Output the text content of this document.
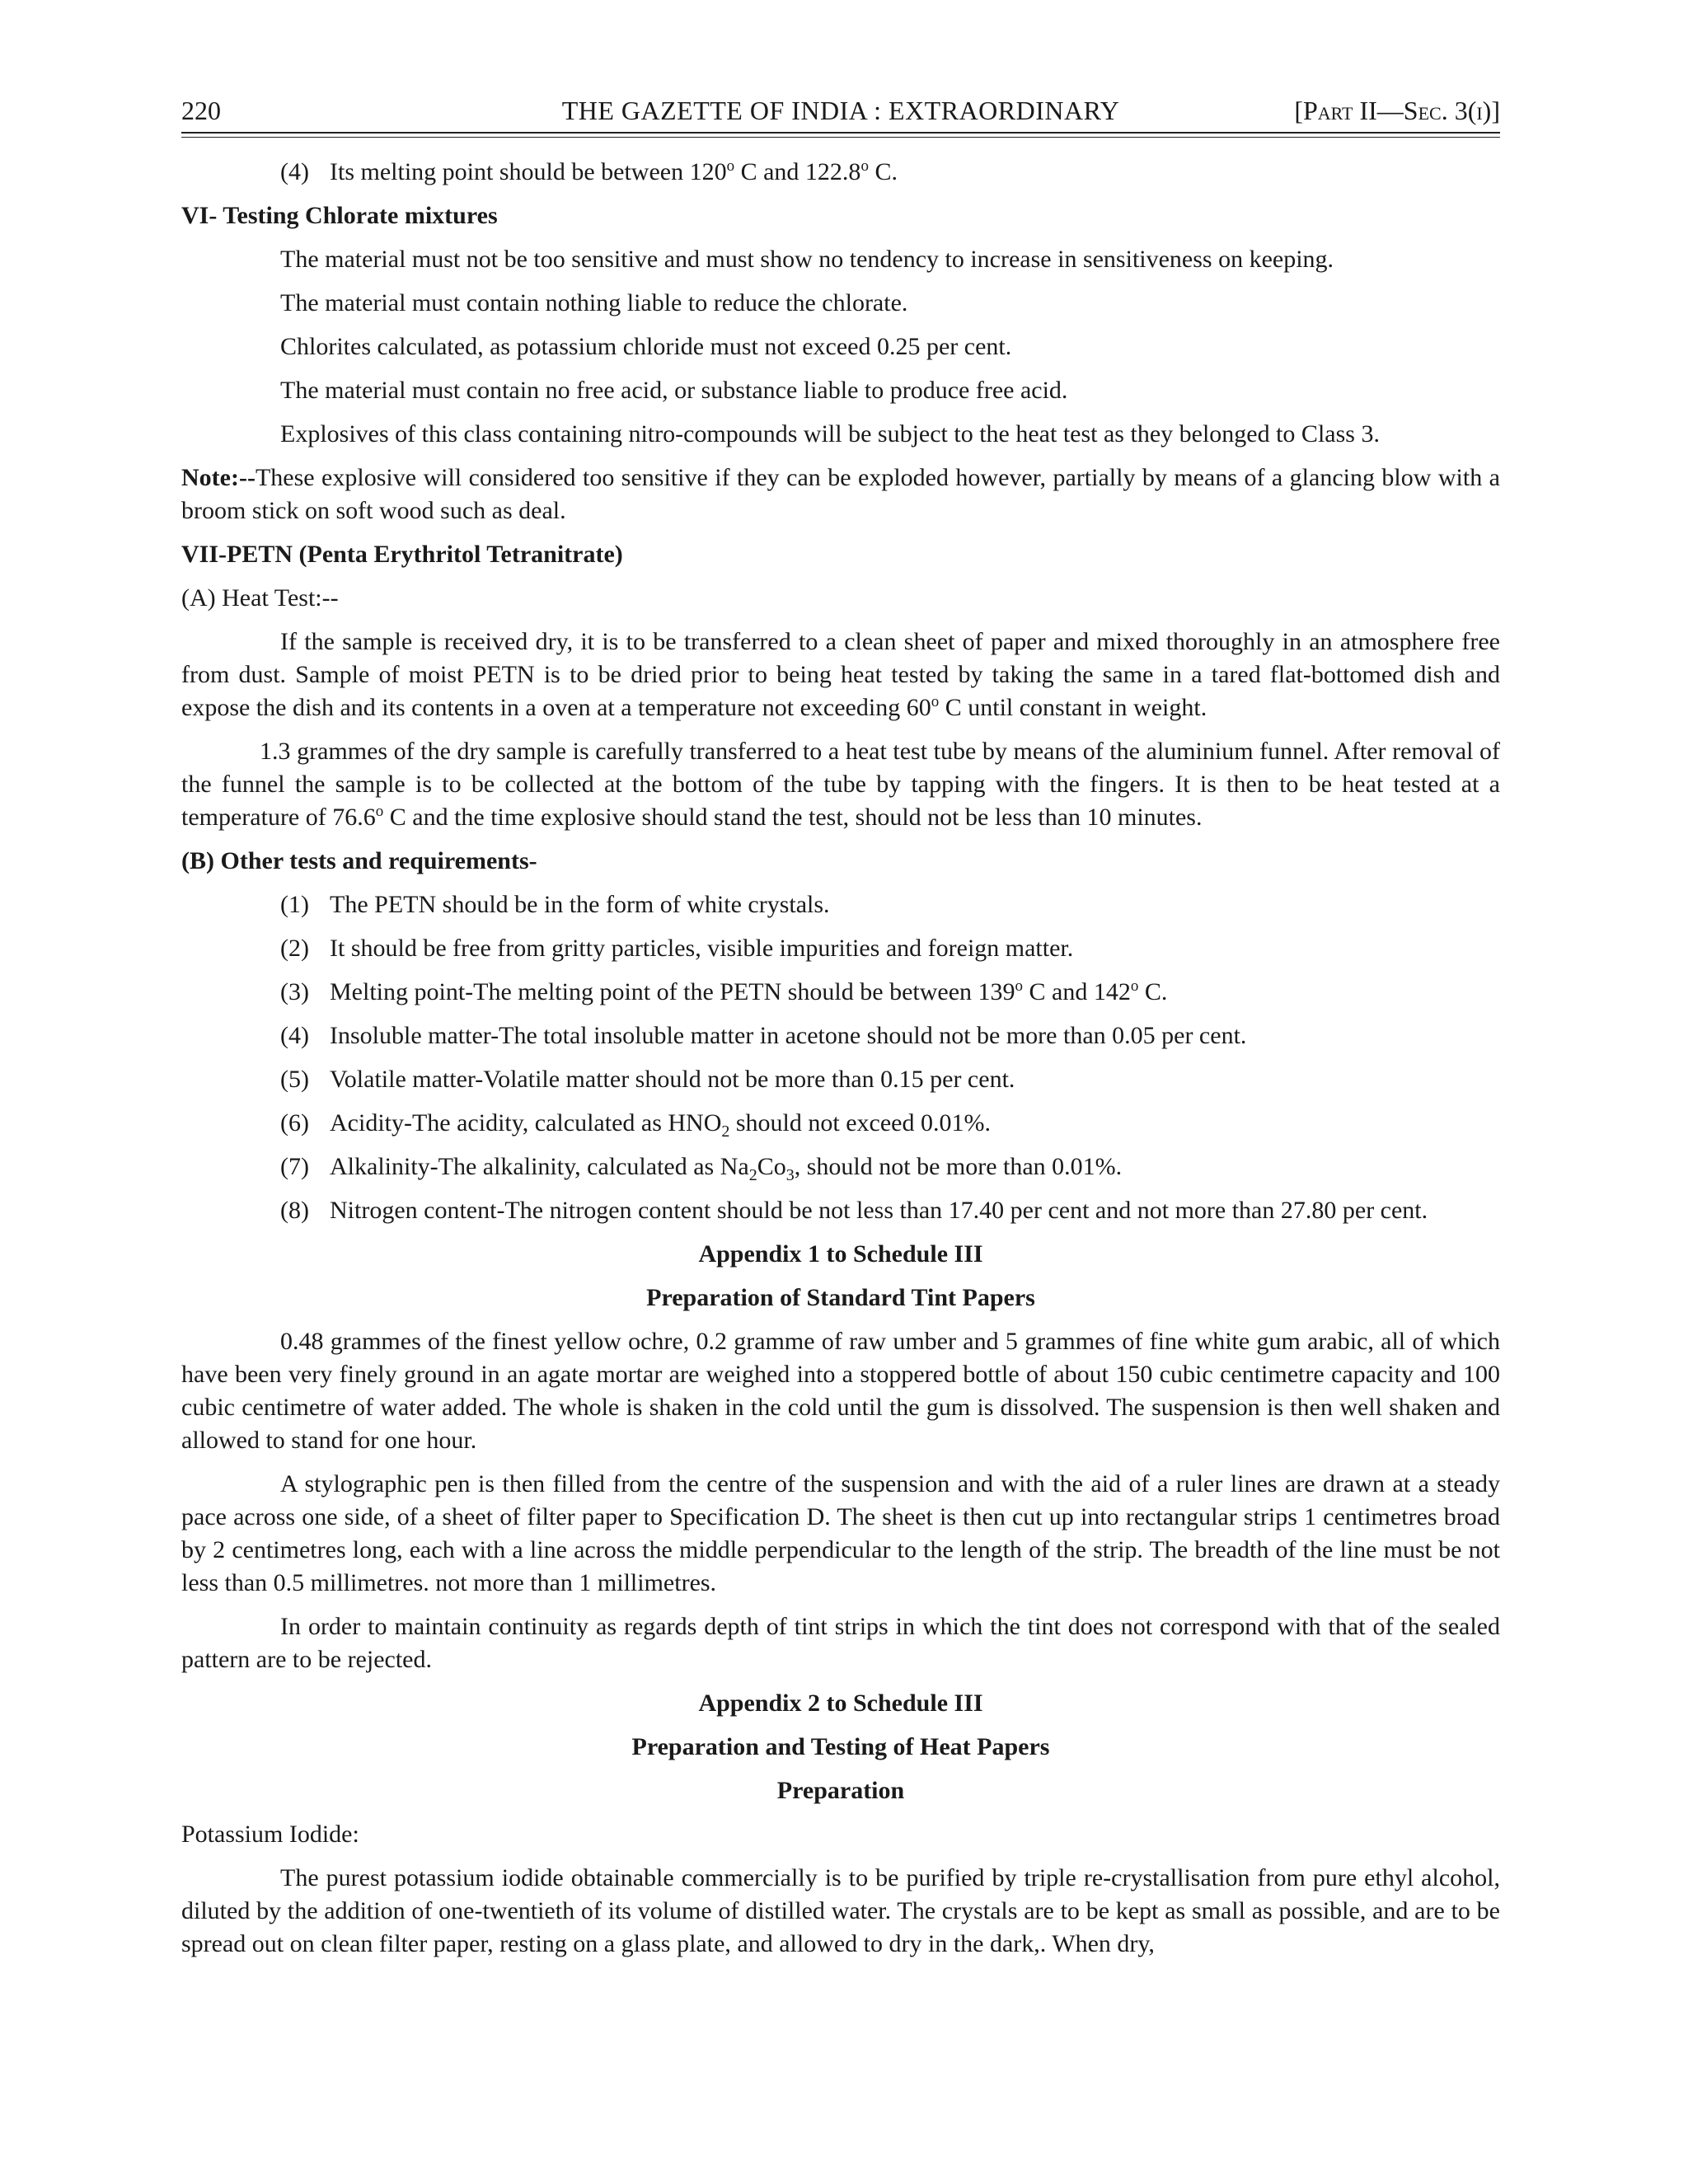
220	THE GAZETTE OF INDIA : EXTRAORDINARY	[Part II—Sec. 3(i)]
(4) Its melting point should be between 120$^o$ C and 122.8$^o$ C.

VI- Testing Chlorate mixtures

The material must not be too sensitive and must show no tendency to increase in sensitiveness on keeping.

The material must contain nothing liable to reduce the chlorate.

Chlorites calculated, as potassium chloride must not exceed 0.25 per cent.

The material must contain no free acid, or substance liable to produce free acid.

Explosives of this class containing nitro-compounds will be subject to the heat test as they belonged to Class 3.

Note:--These explosive will considered too sensitive if they can be exploded however, partially by means of a glancing blow with a broom stick on soft wood such as deal.

VII-PETN (Penta Erythritol Tetranitrate)

(A) Heat Test:--

If the sample is received dry, it is to be transferred to a clean sheet of paper and mixed thoroughly in an atmosphere free from dust. Sample of moist PETN is to be dried prior to being heat tested by taking the same in a tared flat-bottomed dish and expose the dish and its contents in a oven at a temperature not exceeding 60$^o$ C until constant in weight.

1.3 grammes of the dry sample is carefully transferred to a heat test tube by means of the aluminium funnel. After removal of the funnel the sample is to be collected at the bottom of the tube by tapping with the fingers. It is then to be heat tested at a temperature of 76.6$^o$ C and the time explosive should stand the test, should not be less than 10 minutes.

(B) Other tests and requirements-

(1) The PETN should be in the form of white crystals.
(2) It should be free from gritty particles, visible impurities and foreign matter.
(3) Melting point-The melting point of the PETN should be between 139$^o$ C and 142$^o$ C.
(4) Insoluble matter-The total insoluble matter in acetone should not be more than 0.05 per cent.
(5) Volatile matter-Volatile matter should not be more than 0.15 per cent.
(6) Acidity-The acidity, calculated as $HNO_2$ should not exceed 0.01%.
(7) Alkalinity-The alkalinity, calculated as $Na_2Co_3$, should not be more than 0.01%.
(8) Nitrogen content-The nitrogen content should be not less than 17.40 per cent and not more than 27.80 per cent.

Appendix 1 to Schedule III

Preparation of Standard Tint Papers

0.48 grammes of the finest yellow ochre, 0.2 gramme of raw umber and 5 grammes of fine white gum arabic, all of which have been very finely ground in an agate mortar are weighed into a stoppered bottle of about 150 cubic centimetre capacity and 100 cubic centimetre of water added. The whole is shaken in the cold until the gum is dissolved. The suspension is then well shaken and allowed to stand for one hour.

A stylographic pen is then filled from the centre of the suspension and with the aid of a ruler lines are drawn at a steady pace across one side, of a sheet of filter paper to Specification D. The sheet is then cut up into rectangular strips 1 centimetres broad by 2 centimetres long, each with a line across the middle perpendicular to the length of the strip. The breadth of the line must be not less than 0.5 millimetres. not more than 1 millimetres.

In order to maintain continuity as regards depth of tint strips in which the tint does not correspond with that of the sealed pattern are to be rejected.

Appendix 2 to Schedule III

Preparation and Testing of Heat Papers

Preparation

Potassium Iodide:

The purest potassium iodide obtainable commercially is to be purified by triple re-crystallisation from pure ethyl alcohol, diluted by the addition of one-twentieth of its volume of distilled water. The crystals are to be kept as small as possible, and are to be spread out on clean filter paper, resting on a glass plate, and allowed to dry in the dark,. When dry,
